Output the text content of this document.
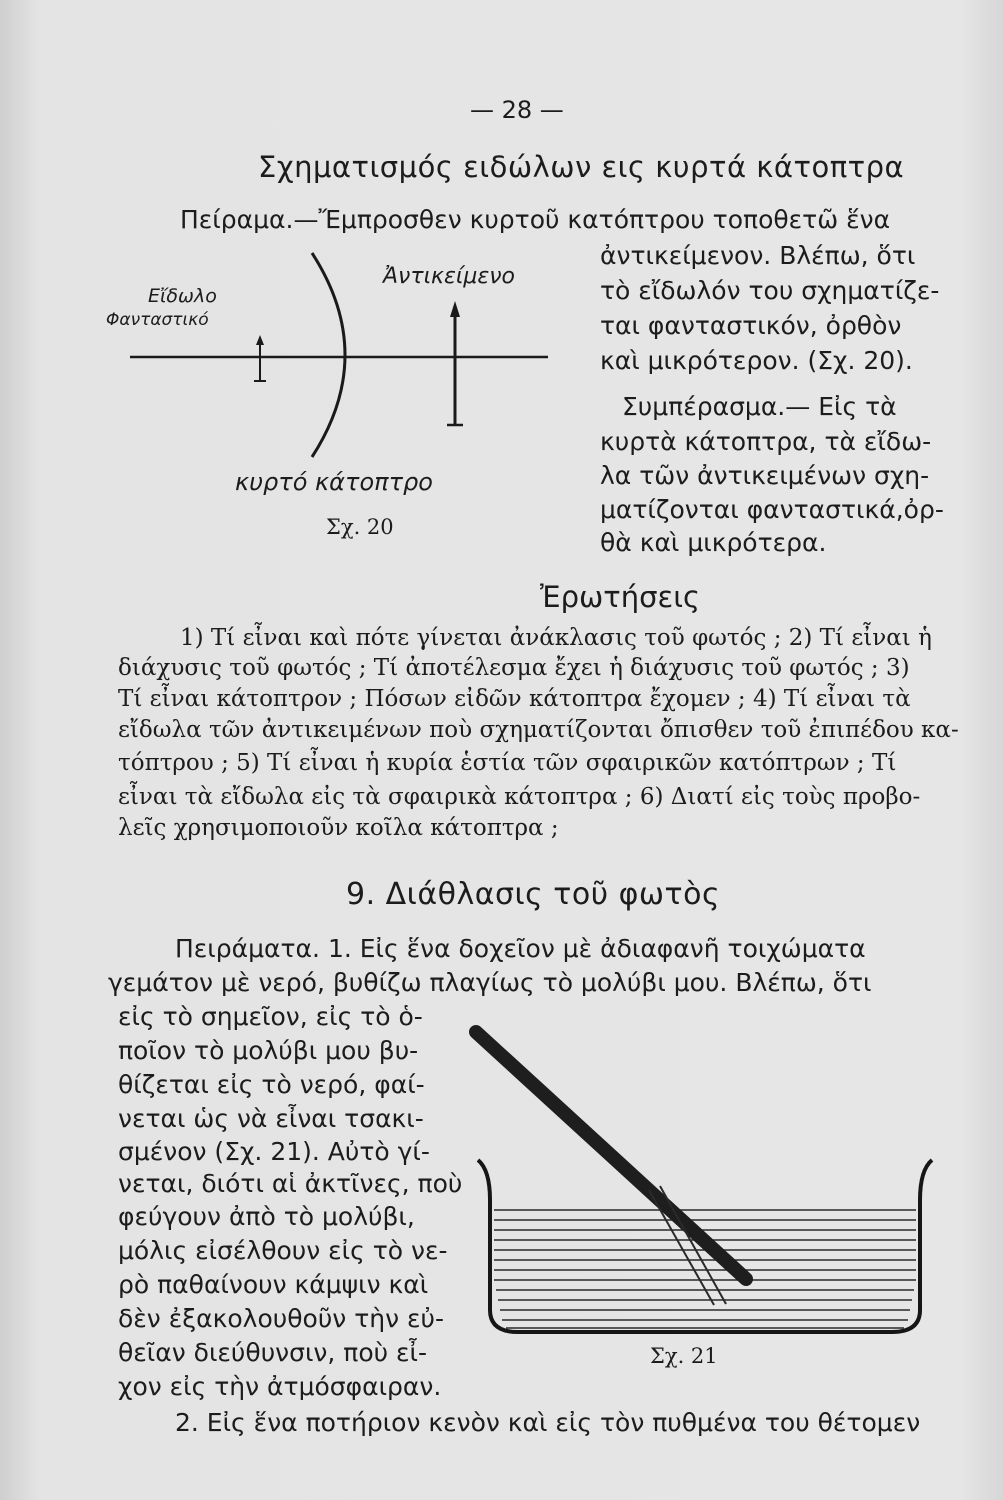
— 28 —
Σχηματισμός ειδώλων εις κυρτά κάτοπτρα
Πείραμα.—Ἔμπροσθεν κυρτοῦ κατόπτρου τοποθετῶ ἕνα
ἀντικείμενον. Βλέπω, ὅτι
τὸ εἴδωλόν του σχηματίζε-
ται φανταστικόν, ὀρθὸν
καὶ μικρότερον. (Σχ. 20).
Συμπέρασμα.— Εἰς τὰ
κυρτὰ κάτοπτρα, τὰ εἴδω-
λα τῶν ἀντικειμένων σχη-
ματίζονται φανταστικά,ὀρ-
θὰ καὶ μικρότερα.
Εἴδωλο
Φανταστικό
Ἀντικείμενο
κυρτό κάτοπτρο
Σχ. 20
Ἐρωτήσεις
1) Τί εἶναι καὶ πότε γίνεται ἀνάκλασις τοῦ φωτός ; 2) Τί εἶναι ἡ
διάχυσις τοῦ φωτός ; Τί ἀποτέλεσμα ἔχει ἡ διάχυσις τοῦ φωτός ; 3)
Τί εἶναι κάτοπτρον ; Πόσων εἰδῶν κάτοπτρα ἔχομεν ; 4) Τί εἶναι τὰ
εἴδωλα τῶν ἀντικειμένων ποὺ σχηματίζονται ὄπισθεν τοῦ ἐπιπέδου κα-
τόπτρου ; 5) Τί εἶναι ἡ κυρία ἑστία τῶν σφαιρικῶν κατόπτρων ; Τί
εἶναι τὰ εἴδωλα εἰς τὰ σφαιρικὰ κάτοπτρα ; 6) Διατί εἰς τοὺς προβο-
λεῖς χρησιμοποιοῦν κοῖλα κάτοπτρα ;
9. Διάθλασις τοῦ φωτὸς
Πειράματα. 1. Εἰς ἕνα δοχεῖον μὲ ἀδιαφανῆ τοιχώματα
γεμάτον μὲ νερό, βυθίζω πλαγίως τὸ μολύβι μου. Βλέπω, ὅτι
εἰς τὸ σημεῖον, εἰς τὸ ὁ-
ποῖον τὸ μολύβι μου βυ-
θίζεται εἰς τὸ νερό, φαί-
νεται ὡς νὰ εἶναι τσακι-
σμένον (Σχ. 21). Αὐτὸ γί-
νεται, διότι αἱ ἀκτῖνες, ποὺ
φεύγουν ἀπὸ τὸ μολύβι,
μόλις εἰσέλθουν εἰς τὸ νε-
ρὸ παθαίνουν κάμψιν καὶ
δὲν ἐξακολουθοῦν τὴν εὐ-
θεῖαν διεύθυνσιν, ποὺ εἶ-
χον εἰς τὴν ἀτμόσφαιραν.
Σχ. 21
2. Εἰς ἕνα ποτήριον κενὸν καὶ εἰς τὸν πυθμένα του θέτομεν
